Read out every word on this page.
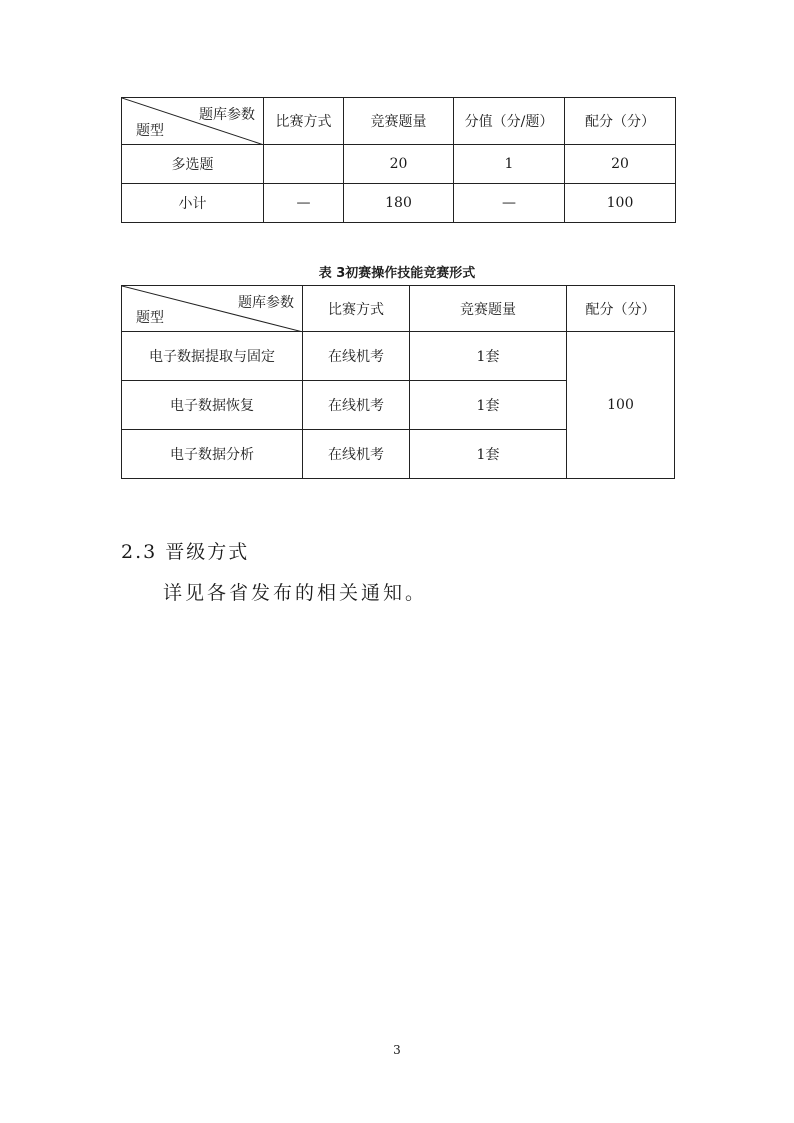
题库参数
题型	比赛方式	竞赛题量	分值（分/题）	配分（分）
多选题		20	1	20
小计	—	180	—	100
表 3初赛操作技能竞赛形式
题库参数
题型	比赛方式	竞赛题量	配分（分）
电子数据提取与固定	在线机考	1套	100
电子数据恢复	在线机考	1套	
电子数据分析	在线机考	1套	
2.3 晋级方式
详见各省发布的相关通知。
3
